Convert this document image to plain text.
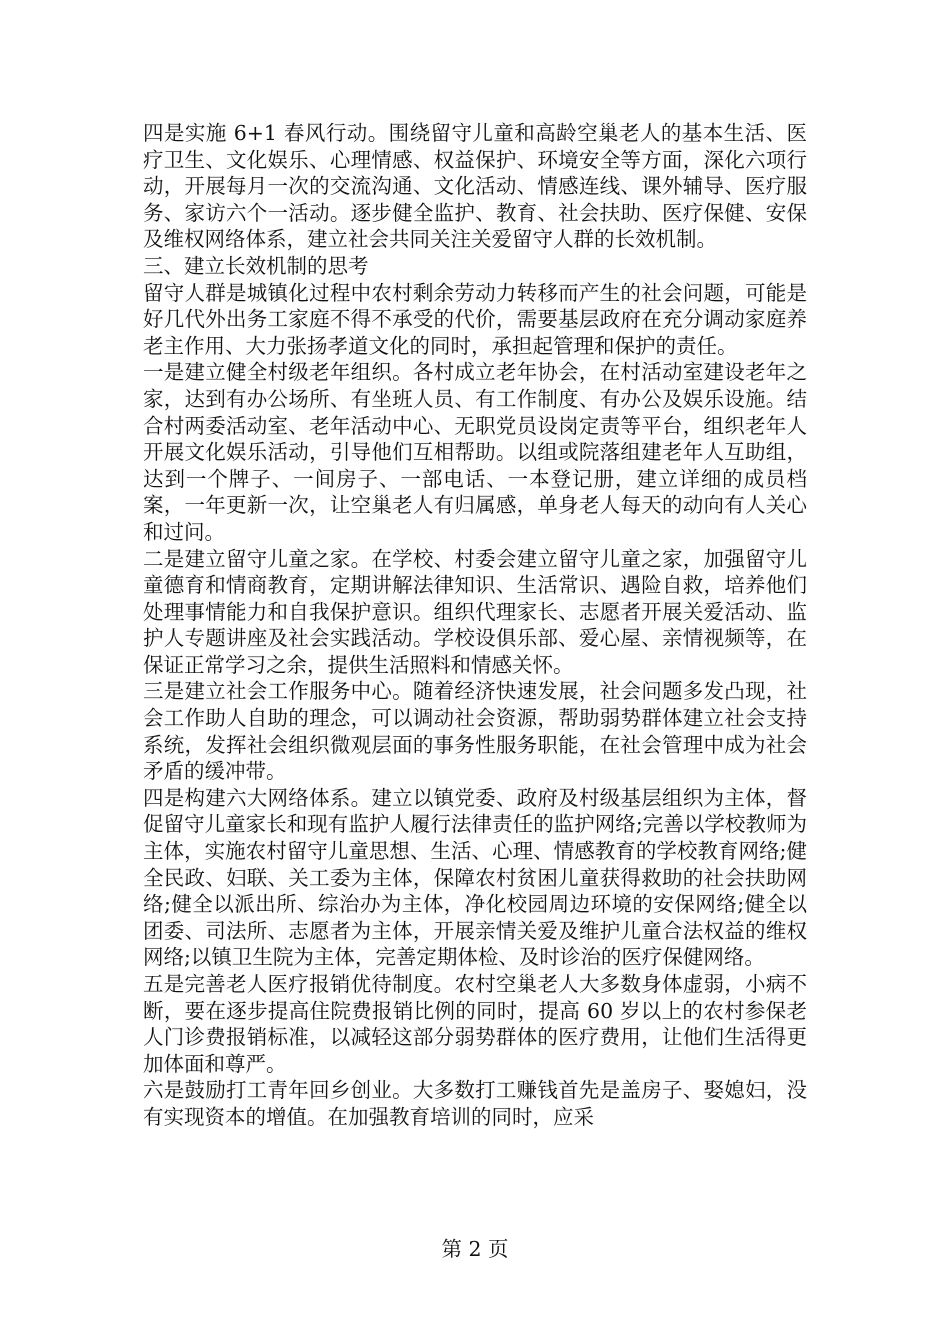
四是实施 6+1 春风行动。围绕留守儿童和高龄空巢老人的基本生活、医疗卫生、文化娱乐、心理情感、权益保护、环境安全等方面，深化六项行动，开展每月一次的交流沟通、文化活动、情感连线、课外辅导、医疗服务、家访六个一活动。逐步健全监护、教育、社会扶助、医疗保健、安保及维权网络体系，建立社会共同关注关爱留守人群的长效机制。

三、建立长效机制的思考

留守人群是城镇化过程中农村剩余劳动力转移而产生的社会问题，可能是好几代外出务工家庭不得不承受的代价，需要基层政府在充分调动家庭养老主作用、大力张扬孝道文化的同时，承担起管理和保护的责任。

一是建立健全村级老年组织。各村成立老年协会，在村活动室建设老年之家，达到有办公场所、有坐班人员、有工作制度、有办公及娱乐设施。结合村两委活动室、老年活动中心、无职党员设岗定责等平台，组织老年人开展文化娱乐活动，引导他们互相帮助。以组或院落组建老年人互助组，达到一个牌子、一间房子、一部电话、一本登记册，建立详细的成员档案，一年更新一次，让空巢老人有归属感，单身老人每天的动向有人关心和过问。

二是建立留守儿童之家。在学校、村委会建立留守儿童之家，加强留守儿童德育和情商教育，定期讲解法律知识、生活常识、遇险自救，培养他们处理事情能力和自我保护意识。组织代理家长、志愿者开展关爱活动、监护人专题讲座及社会实践活动。学校设俱乐部、爱心屋、亲情视频等，在保证正常学习之余，提供生活照料和情感关怀。

三是建立社会工作服务中心。随着经济快速发展，社会问题多发凸现，社会工作助人自助的理念，可以调动社会资源，帮助弱势群体建立社会支持系统，发挥社会组织微观层面的事务性服务职能，在社会管理中成为社会矛盾的缓冲带。

四是构建六大网络体系。建立以镇党委、政府及村级基层组织为主体，督促留守儿童家长和现有监护人履行法律责任的监护网络;完善以学校教师为主体，实施农村留守儿童思想、生活、心理、情感教育的学校教育网络;健全民政、妇联、关工委为主体，保障农村贫困儿童获得救助的社会扶助网络;健全以派出所、综治办为主体，净化校园周边环境的安保网络;健全以团委、司法所、志愿者为主体，开展亲情关爱及维护儿童合法权益的维权网络;以镇卫生院为主体，完善定期体检、及时诊治的医疗保健网络。

五是完善老人医疗报销优待制度。农村空巢老人大多数身体虚弱，小病不断，要在逐步提高住院费报销比例的同时，提高 60 岁以上的农村参保老人门诊费报销标准，以减轻这部分弱势群体的医疗费用，让他们生活得更加体面和尊严。

六是鼓励打工青年回乡创业。大多数打工赚钱首先是盖房子、娶媳妇，没有实现资本的增值。在加强教育培训的同时，应采

第 2 页
